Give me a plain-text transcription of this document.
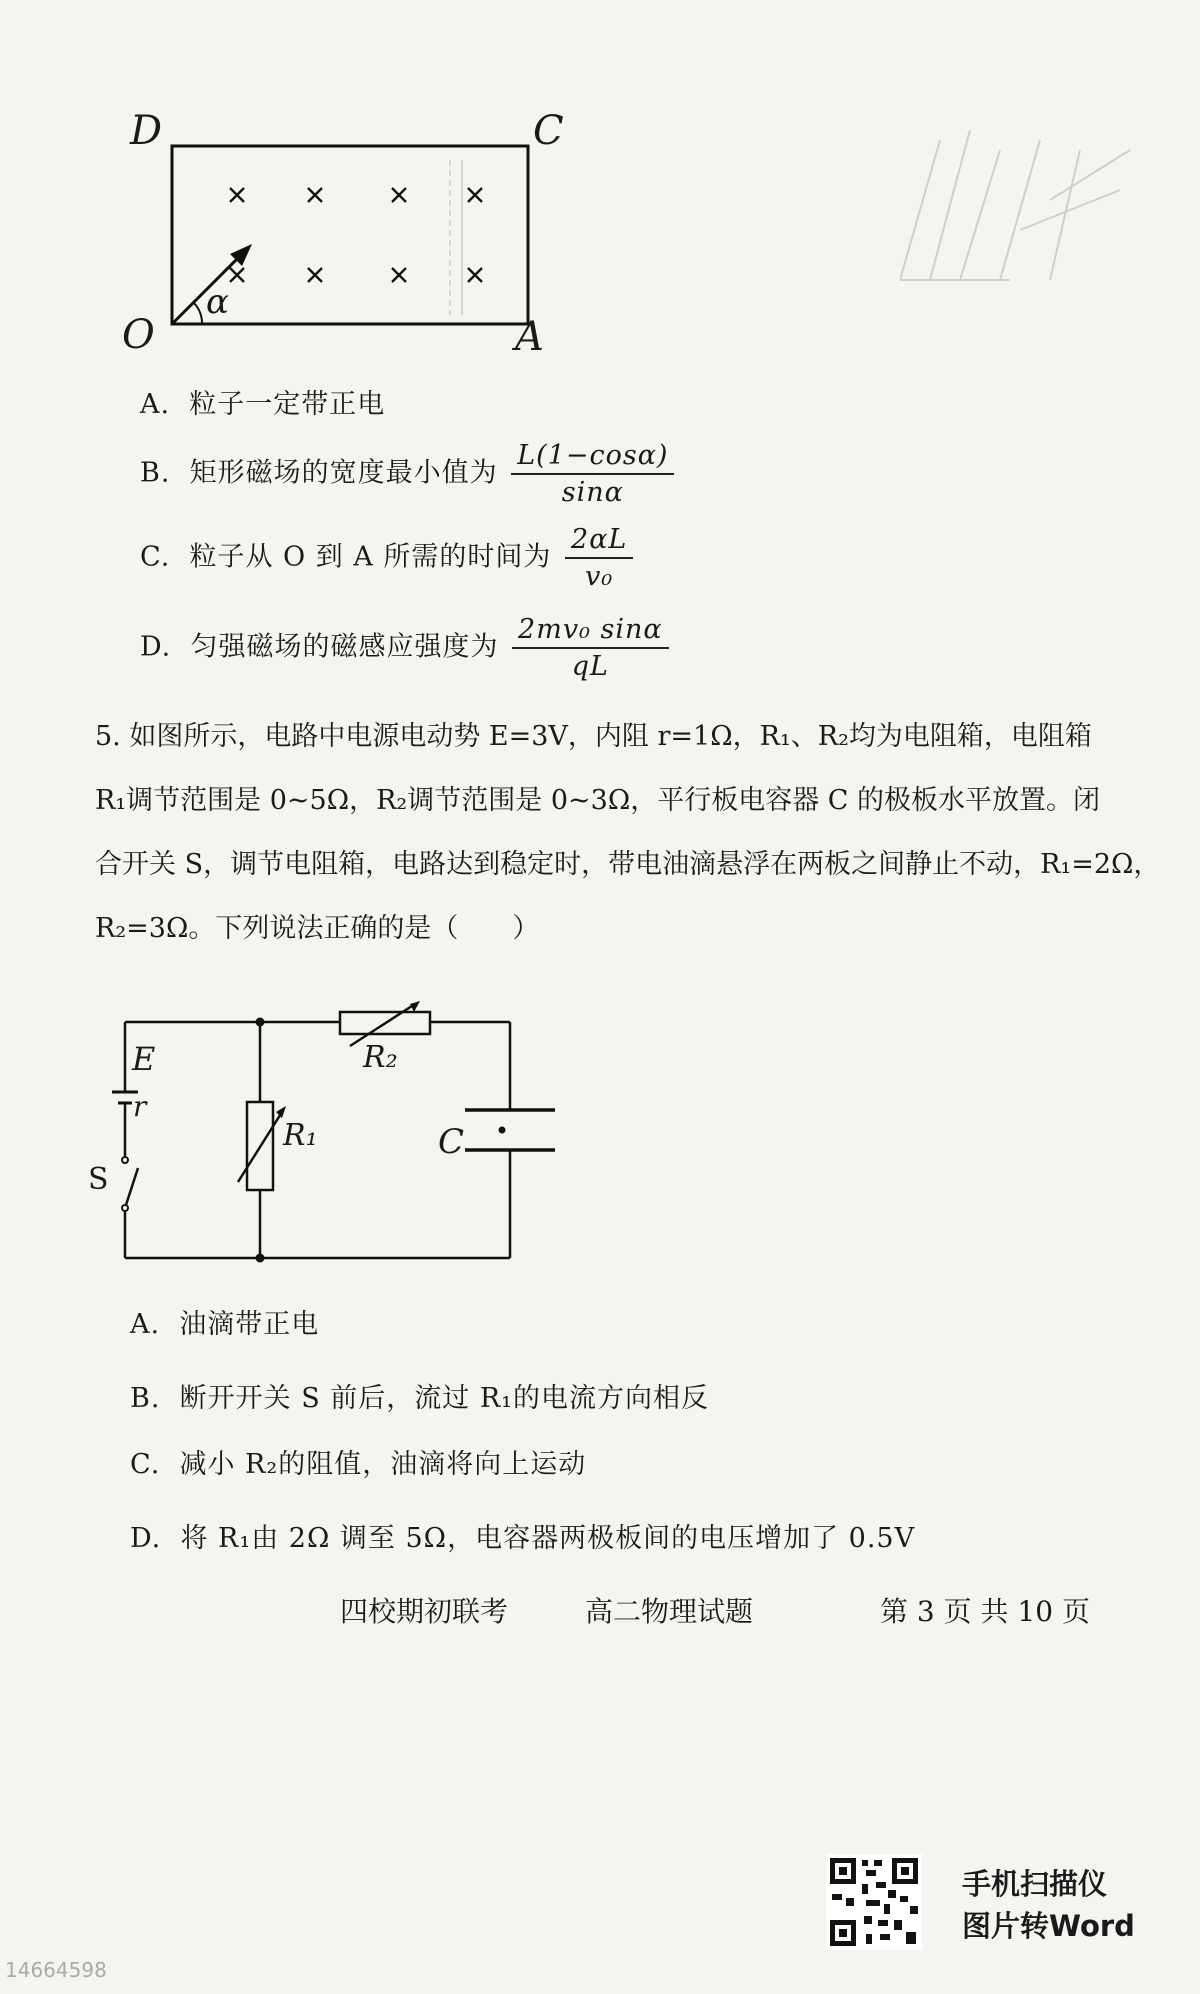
D	C
O	A
α
A. 粒子一定带正电
B. 矩形磁场的宽度最小值为 $\frac{L(1-\cos\alpha)}{\sin\alpha}$
C. 粒子从 O 到 A 所需的时间为 $\frac{2\alpha L}{\text{v₀}}$
D. 匀强磁场的磁感应强度为 $\frac{\text{2mv₀ sinα}}{qL}$
5. 如图所示，电路中电源电动势 E=3V，内阻 r=1Ω，R₁、R₂均为电阻箱，电阻箱
R₁调节范围是 0~5Ω，R₂调节范围是 0~3Ω，平行板电容器 C 的极板水平放置。闭
合开关 S，调节电阻箱，电路达到稳定时，带电油滴悬浮在两板之间静止不动，R₁=2Ω，
R₂=3Ω。下列说法正确的是（　　）
E
r
S
R₁
R₂
C
A. 油滴带正电
B. 断开开关 S 前后，流过 R₁的电流方向相反
C. 减小 R₂的阻值，油滴将向上运动
D. 将 R₁由 2Ω 调至 5Ω，电容器两极板间的电压增加了 0.5V
四校期初联考	高二物理试题	第 3 页 共 10 页
手机扫描仪
图片转Word
14664598
